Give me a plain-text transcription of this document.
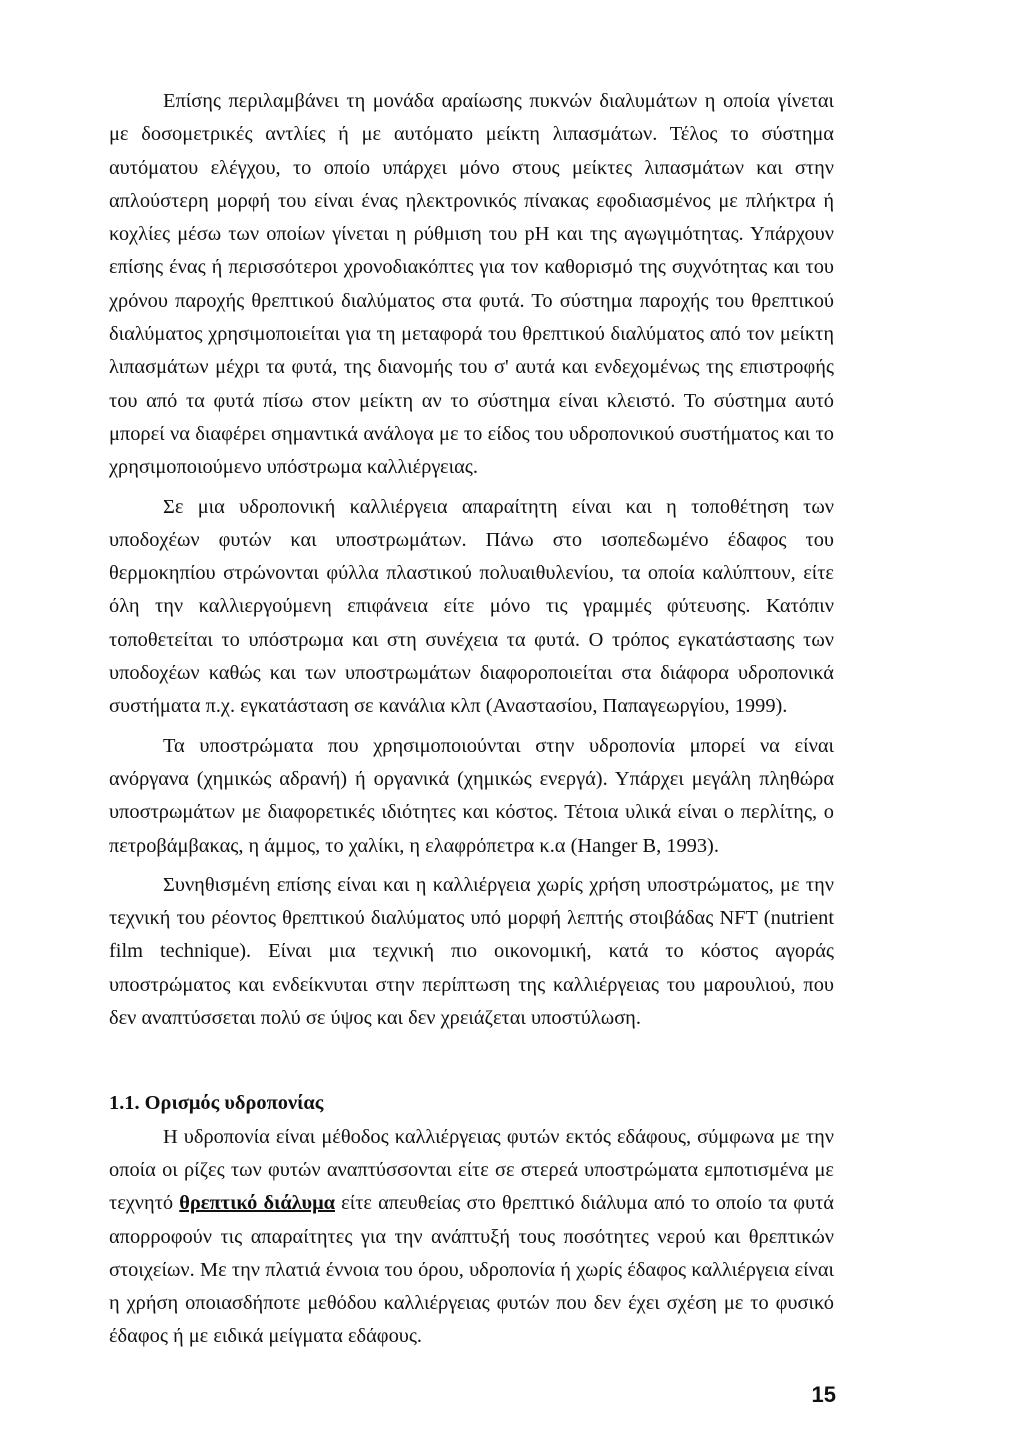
Επίσης περιλαμβάνει τη μονάδα αραίωσης πυκνών διαλυμάτων η οποία γίνεται με δοσομετρικές αντλίες ή με αυτόματο μείκτη λιπασμάτων. Τέλος το σύστημα αυτόματου ελέγχου, το οποίο υπάρχει μόνο στους μείκτες λιπασμάτων και στην απλούστερη μορφή του είναι ένας ηλεκτρονικός πίνακας εφοδιασμένος με πλήκτρα ή κοχλίες μέσω των οποίων γίνεται η ρύθμιση του pH και της αγωγιμότητας. Υπάρχουν επίσης ένας ή περισσότεροι χρονοδιακόπτες για τον καθορισμό της συχνότητας και του χρόνου παροχής θρεπτικού διαλύματος στα φυτά. Το σύστημα παροχής του θρεπτικού διαλύματος χρησιμοποιείται για τη μεταφορά του θρεπτικού διαλύματος από τον μείκτη λιπασμάτων μέχρι τα φυτά, της διανομής του σ' αυτά και ενδεχομένως της επιστροφής του από τα φυτά πίσω στον μείκτη αν το σύστημα είναι κλειστό. Το σύστημα αυτό μπορεί να διαφέρει σημαντικά ανάλογα με το είδος του υδροπονικού συστήματος και το χρησιμοποιούμενο υπόστρωμα καλλιέργειας.

Σε μια υδροπονική καλλιέργεια απαραίτητη είναι και η τοποθέτηση των υποδοχέων φυτών και υποστρωμάτων. Πάνω στο ισοπεδωμένο έδαφος του θερμοκηπίου στρώνονται φύλλα πλαστικού πολυαιθυλενίου, τα οποία καλύπτουν, είτε όλη την καλλιεργούμενη επιφάνεια είτε μόνο τις γραμμές φύτευσης. Κατόπιν τοποθετείται το υπόστρωμα και στη συνέχεια τα φυτά. Ο τρόπος εγκατάστασης των υποδοχέων καθώς και των υποστρωμάτων διαφοροποιείται στα διάφορα υδροπονικά συστήματα π.χ. εγκατάσταση σε κανάλια κλπ (Αναστασίου, Παπαγεωργίου, 1999).

Τα υποστρώματα που χρησιμοποιούνται στην υδροπονία μπορεί να είναι ανόργανα (χημικώς αδρανή) ή οργανικά (χημικώς ενεργά). Υπάρχει μεγάλη πληθώρα υποστρωμάτων με διαφορετικές ιδιότητες και κόστος. Τέτοια υλικά είναι ο περλίτης, ο πετροβάμβακας, η άμμος, το χαλίκι, η ελαφρόπετρα κ.α (Hanger B, 1993).

Συνηθισμένη επίσης είναι και η καλλιέργεια χωρίς χρήση υποστρώματος, με την τεχνική του ρέοντος θρεπτικού διαλύματος υπό μορφή λεπτής στοιβάδας NFT (nutrient film technique). Είναι μια τεχνική πιο οικονομική, κατά το κόστος αγοράς υποστρώματος και ενδείκνυται στην περίπτωση της καλλιέργειας του μαρουλιού, που δεν αναπτύσσεται πολύ σε ύψος και δεν χρειάζεται υποστύλωση.

1.1. Ορισμός υδροπονίας

Η υδροπονία είναι μέθοδος καλλιέργειας φυτών εκτός εδάφους, σύμφωνα με την οποία οι ρίζες των φυτών αναπτύσσονται είτε σε στερεά υποστρώματα εμποτισμένα με τεχνητό θρεπτικό διάλυμα είτε απευθείας στο θρεπτικό διάλυμα από το οποίο τα φυτά απορροφούν τις απαραίτητες για την ανάπτυξή τους ποσότητες νερού και θρεπτικών στοιχείων. Με την πλατιά έννοια του όρου, υδροπονία ή χωρίς έδαφος καλλιέργεια είναι η χρήση οποιασδήποτε μεθόδου καλλιέργειας φυτών που δεν έχει σχέση με το φυσικό έδαφος ή με ειδικά μείγματα εδάφους.

15
